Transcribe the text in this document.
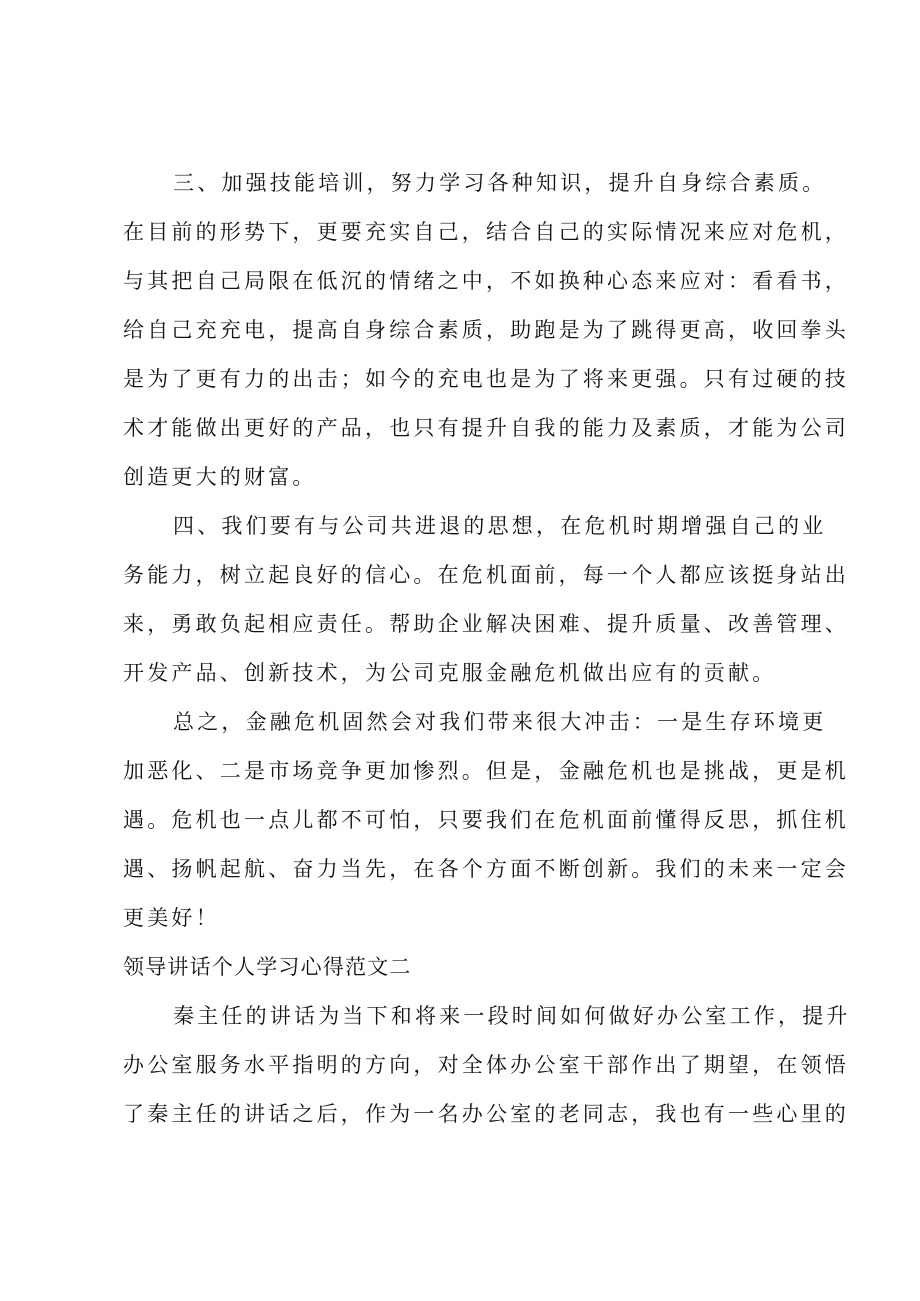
三、加强技能培训，努力学习各种知识，提升自身综合素质。
在目前的形势下，更要充实自己，结合自己的实际情况来应对危机，
与其把自己局限在低沉的情绪之中，不如换种心态来应对：看看书，
给自己充充电，提高自身综合素质，助跑是为了跳得更高，收回拳头
是为了更有力的出击；如今的充电也是为了将来更强。只有过硬的技
术才能做出更好的产品，也只有提升自我的能力及素质，才能为公司
创造更大的财富。
四、我们要有与公司共进退的思想，在危机时期增强自己的业
务能力，树立起良好的信心。在危机面前，每一个人都应该挺身站出
来，勇敢负起相应责任。帮助企业解决困难、提升质量、改善管理、
开发产品、创新技术，为公司克服金融危机做出应有的贡献。
总之，金融危机固然会对我们带来很大冲击：一是生存环境更
加恶化、二是市场竞争更加惨烈。但是，金融危机也是挑战，更是机
遇。危机也一点儿都不可怕，只要我们在危机面前懂得反思，抓住机
遇、扬帆起航、奋力当先，在各个方面不断创新。我们的未来一定会
更美好！
领导讲话个人学习心得范文二
秦主任的讲话为当下和将来一段时间如何做好办公室工作，提升
办公室服务水平指明的方向，对全体办公室干部作出了期望，在领悟
了秦主任的讲话之后，作为一名办公室的老同志，我也有一些心里的
